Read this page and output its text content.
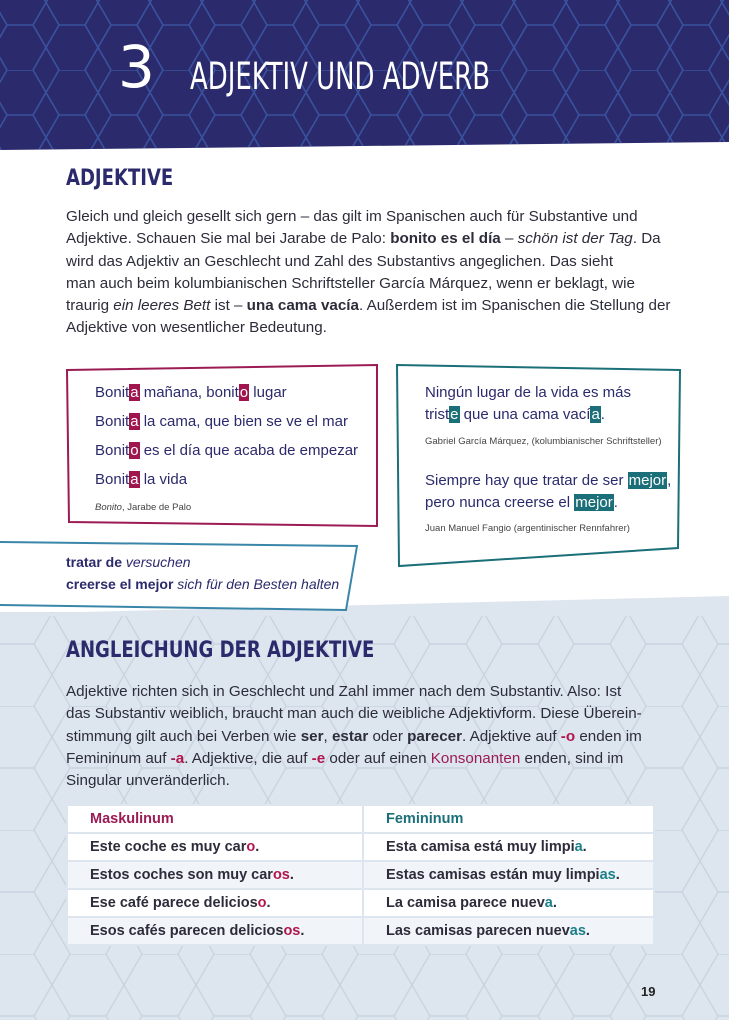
3 ADJEKTIV UND ADVERB
ADJEKTIVE
Gleich und gleich gesellt sich gern – das gilt im Spanischen auch für Substantive und
Adjektive. Schauen Sie mal bei Jarabe de Palo: bonito es el día – schön ist der Tag. Da
wird das Adjektiv an Geschlecht und Zahl des Substantivs angeglichen. Das sieht
man auch beim kolumbianischen Schriftsteller García Márquez, wenn er beklagt, wie
traurig ein leeres Bett ist – una cama vacía. Außerdem ist im Spanischen die Stellung der
Adjektive von wesentlicher Bedeutung.
Bonita mañana, bonito lugar
Bonita la cama, que bien se ve el mar
Bonito es el día que acaba de empezar
Bonita la vida
Bonito, Jarabe de Palo
Ningún lugar de la vida es más
triste que una cama vacía.
Gabriel García Márquez, (kolumbianischer Schriftsteller)
Siempre hay que tratar de ser mejor,
pero nunca creerse el mejor.
Juan Manuel Fangio (argentinischer Rennfahrer)
tratar de versuchen
creerse el mejor sich für den Besten halten
ANGLEICHUNG DER ADJEKTIVE
Adjektive richten sich in Geschlecht und Zahl immer nach dem Substantiv. Also: Ist
das Substantiv weiblich, braucht man auch die weibliche Adjektivform. Diese Überein-
stimmung gilt auch bei Verben wie ser, estar oder parecer. Adjektive auf -o enden im
Femininum auf -a. Adjektive, die auf -e oder auf einen Konsonanten enden, sind im
Singular unveränderlich.
Maskulinum	Femininum
Este coche es muy caro.	Esta camisa está muy limpia.
Estos coches son muy caros.	Estas camisas están muy limpias.
Ese café parece delicioso.	La camisa parece nueva.
Esos cafés parecen deliciosos.	Las camisas parecen nuevas.
19
